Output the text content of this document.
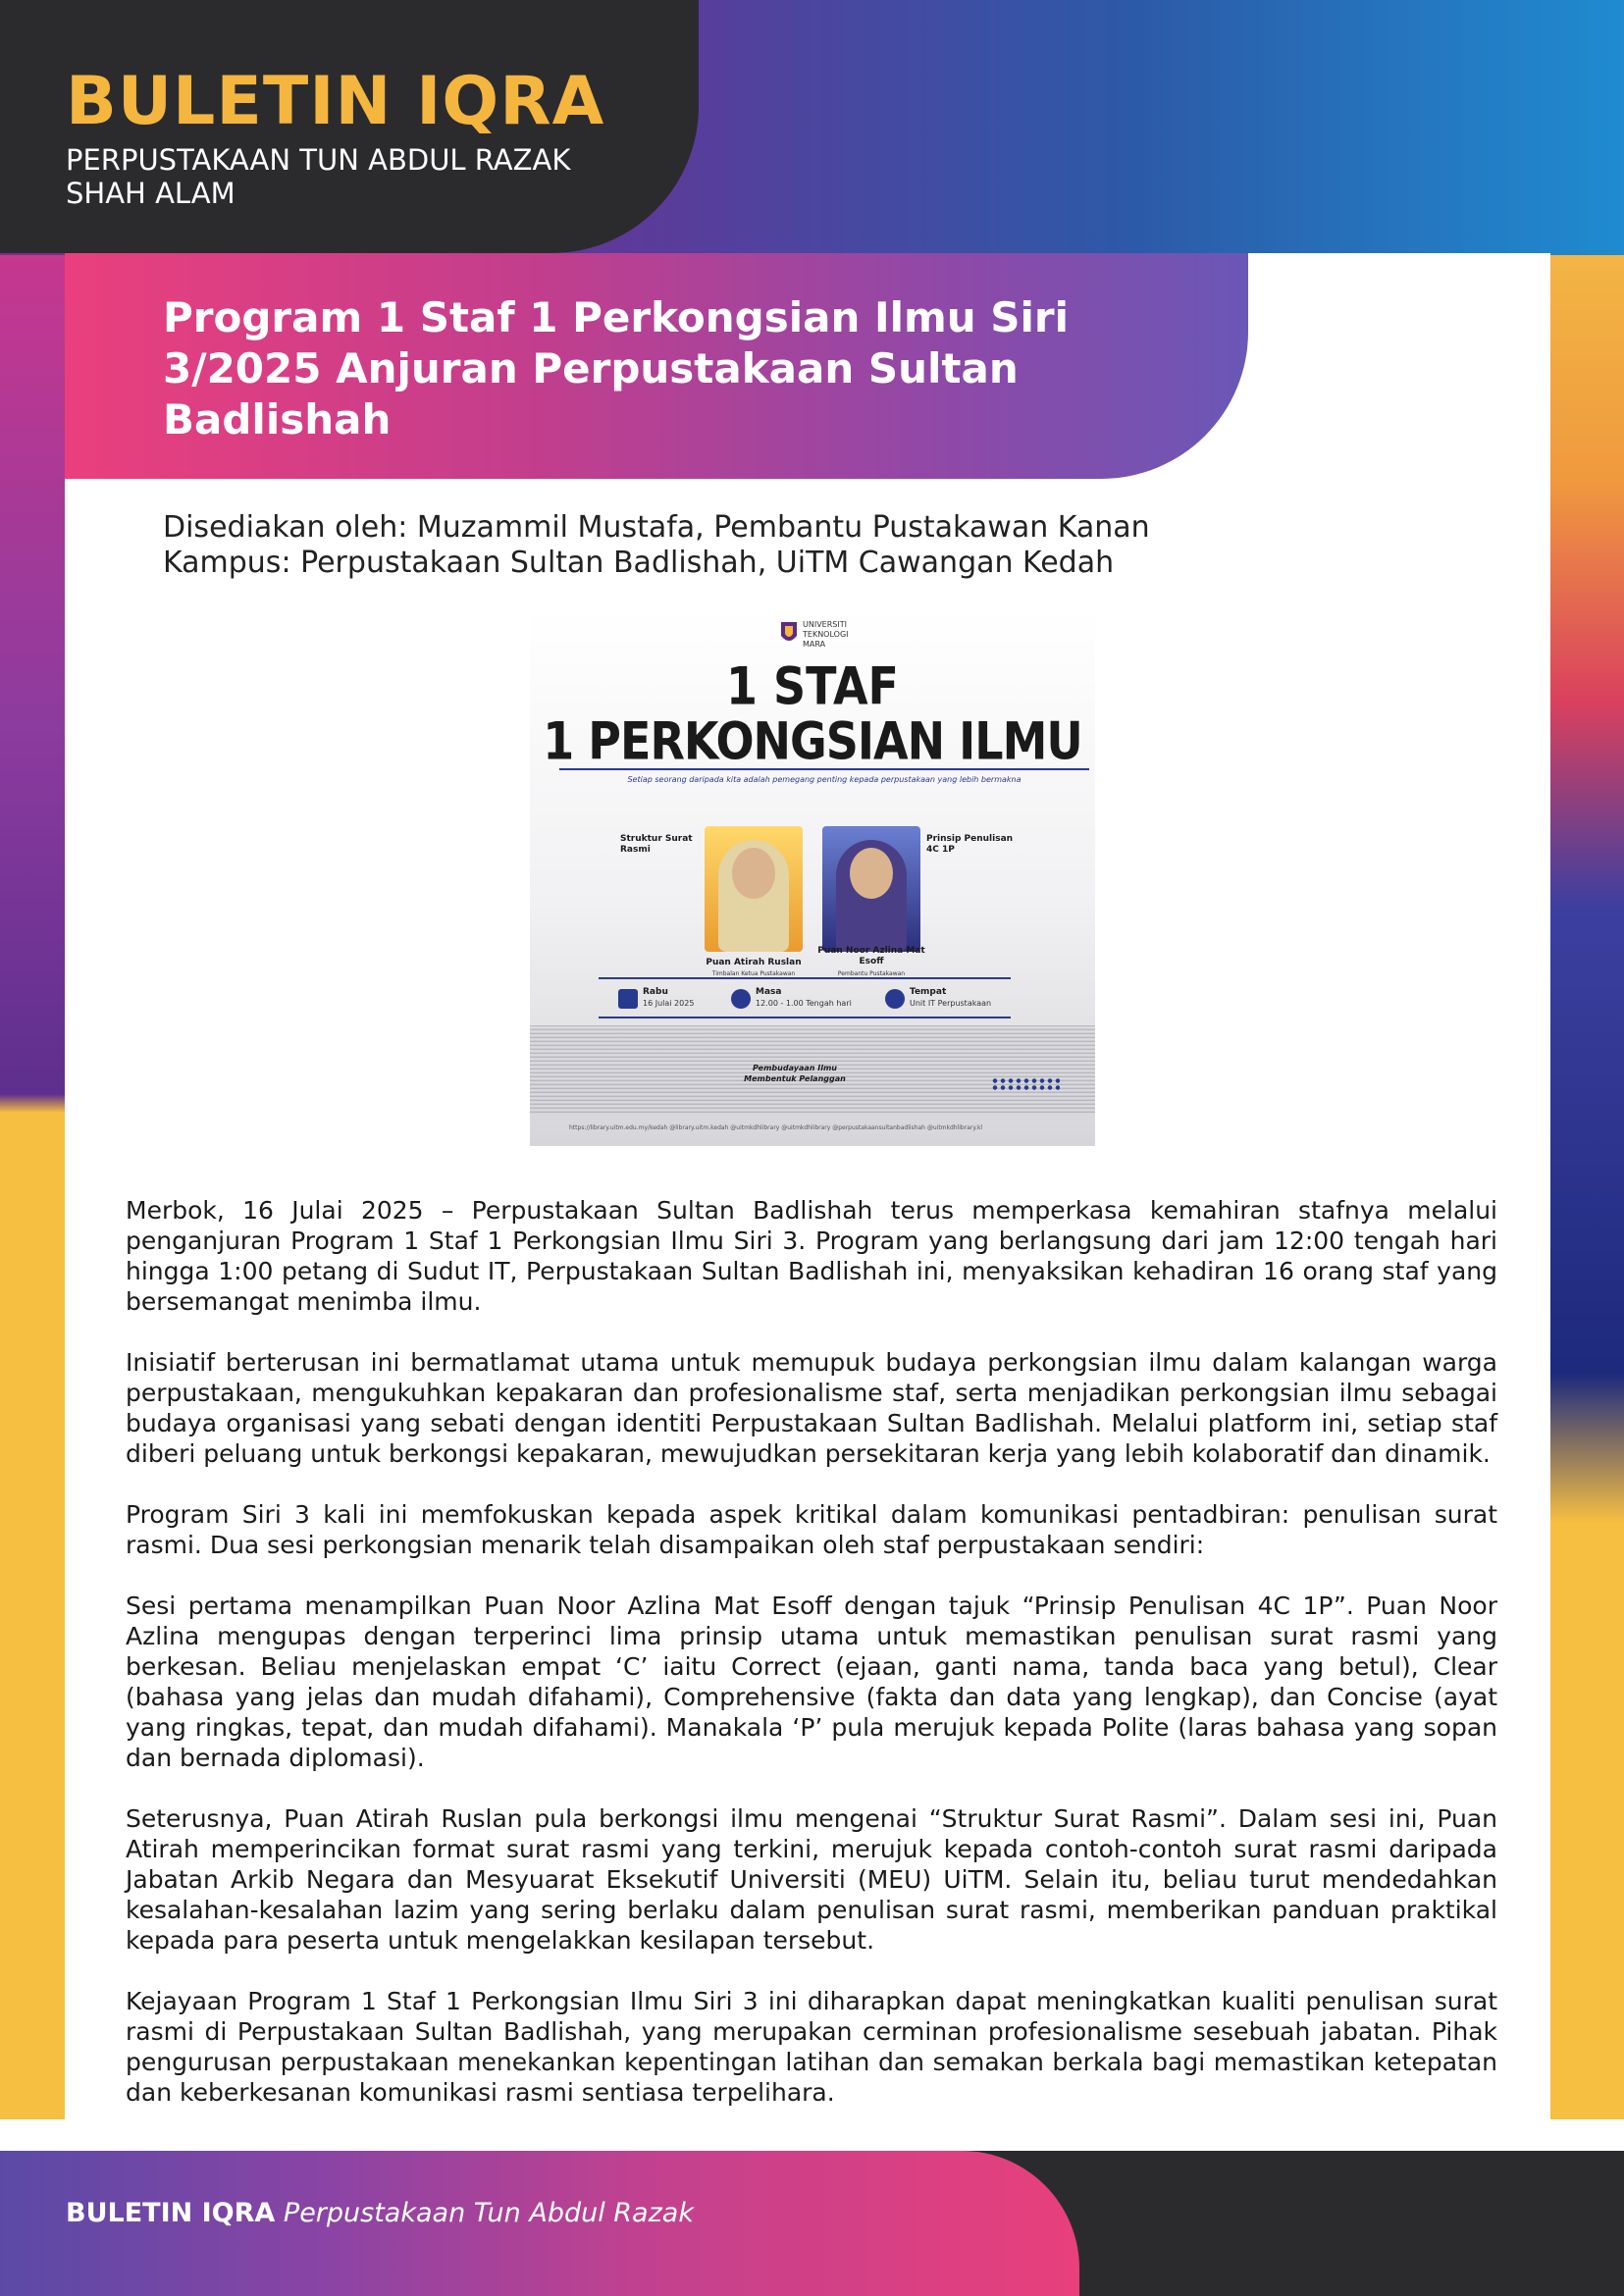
BULETIN IQRA
PERPUSTAKAAN TUN ABDUL RAZAK SHAH ALAM
Program 1 Staf 1 Perkongsian Ilmu Siri 3/2025 Anjuran Perpustakaan Sultan Badlishah
Disediakan oleh: Muzammil Mustafa, Pembantu Pustakawan Kanan
Kampus: Perpustakaan Sultan Badlishah, UiTM Cawangan Kedah
UNIVERSITI TEKNOLOGI MARA
1 STAF
1 PERKONGSIAN ILMU
Setiap seorang daripada kita adalah pemegang penting kepada perpustakaan yang lebih bermakna
Struktur Surat Rasmi
Prinsip Penulisan 4C 1P
Puan Atirah Ruslan
Timbalan Ketua Pustakawan
Puan Noor Azlina Mat Esoff
Pembantu Pustakawan
Rabu
16 Julai 2025
Masa
12.00 - 1.00 Tengah hari
Tempat
Unit IT Perpustakaan
Pembudayaan Ilmu Membentuk Pelanggan
https://library.uitm.edu.my/kedah @library.uitm.kedah @uitmkdhlibrary @uitmkdhlibrary @perpustakaansultanbadlishah @uitmkdhlibrary.kl

Merbok, 16 Julai 2025 – Perpustakaan Sultan Badlishah terus memperkasa kemahiran stafnya melalui penganjuran Program 1 Staf 1 Perkongsian Ilmu Siri 3. Program yang berlangsung dari jam 12:00 tengah hari hingga 1:00 petang di Sudut IT, Perpustakaan Sultan Badlishah ini, menyaksikan kehadiran 16 orang staf yang bersemangat menimba ilmu.

Inisiatif berterusan ini bermatlamat utama untuk memupuk budaya perkongsian ilmu dalam kalangan warga perpustakaan, mengukuhkan kepakaran dan profesionalisme staf, serta menjadikan perkongsian ilmu sebagai budaya organisasi yang sebati dengan identiti Perpustakaan Sultan Badlishah. Melalui platform ini, setiap staf diberi peluang untuk berkongsi kepakaran, mewujudkan persekitaran kerja yang lebih kolaboratif dan dinamik.

Program Siri 3 kali ini memfokuskan kepada aspek kritikal dalam komunikasi pentadbiran: penulisan surat rasmi. Dua sesi perkongsian menarik telah disampaikan oleh staf perpustakaan sendiri:

Sesi pertama menampilkan Puan Noor Azlina Mat Esoff dengan tajuk “Prinsip Penulisan 4C 1P”. Puan Noor Azlina mengupas dengan terperinci lima prinsip utama untuk memastikan penulisan surat rasmi yang berkesan. Beliau menjelaskan empat ‘C’ iaitu Correct (ejaan, ganti nama, tanda baca yang betul), Clear (bahasa yang jelas dan mudah difahami), Comprehensive (fakta dan data yang lengkap), dan Concise (ayat yang ringkas, tepat, dan mudah difahami). Manakala ‘P’ pula merujuk kepada Polite (laras bahasa yang sopan dan bernada diplomasi).

Seterusnya, Puan Atirah Ruslan pula berkongsi ilmu mengenai “Struktur Surat Rasmi”. Dalam sesi ini, Puan Atirah memperincikan format surat rasmi yang terkini, merujuk kepada contoh-contoh surat rasmi daripada Jabatan Arkib Negara dan Mesyuarat Eksekutif Universiti (MEU) UiTM. Selain itu, beliau turut mendedahkan kesalahan-kesalahan lazim yang sering berlaku dalam penulisan surat rasmi, memberikan panduan praktikal kepada para peserta untuk mengelakkan kesilapan tersebut.

Kejayaan Program 1 Staf 1 Perkongsian Ilmu Siri 3 ini diharapkan dapat meningkatkan kualiti penulisan surat rasmi di Perpustakaan Sultan Badlishah, yang merupakan cerminan profesionalisme sesebuah jabatan. Pihak pengurusan perpustakaan menekankan kepentingan latihan dan semakan berkala bagi memastikan ketepatan dan keberkesanan komunikasi rasmi sentiasa terpelihara.

BULETIN IQRA Perpustakaan Tun Abdul Razak
